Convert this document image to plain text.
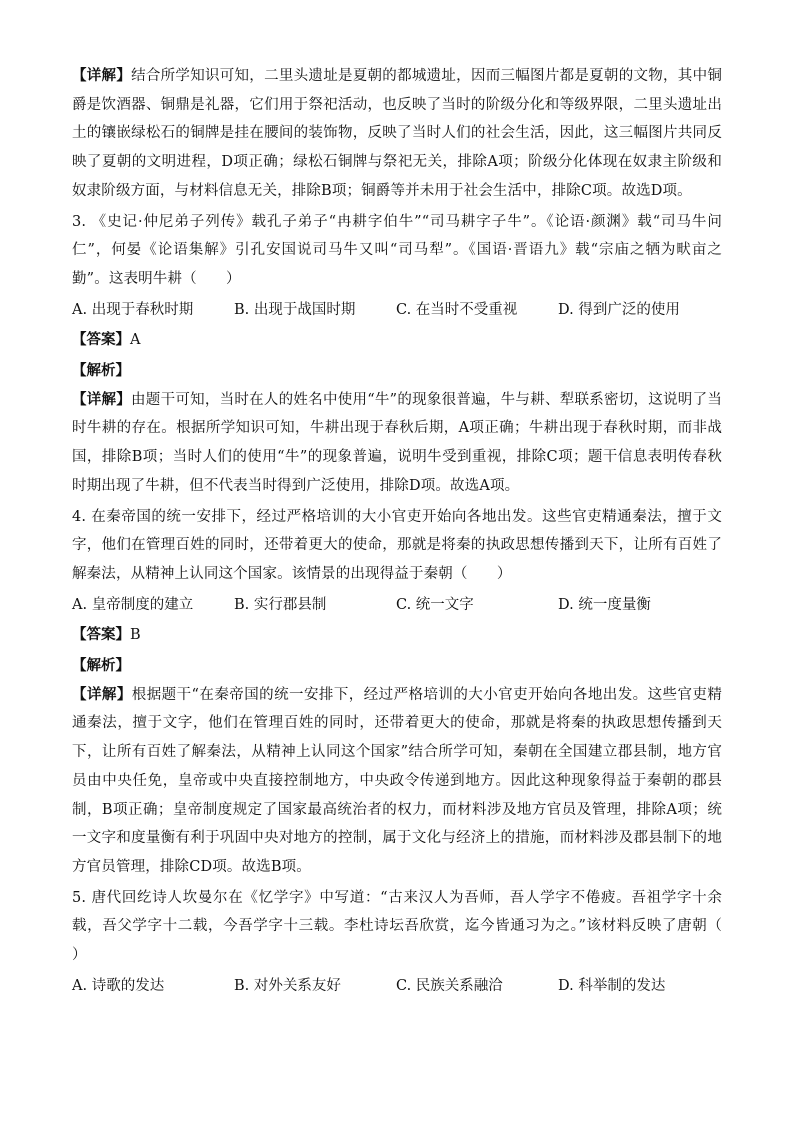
【详解】结合所学知识可知，二里头遗址是夏朝的都城遗址，因而三幅图片都是夏朝的文物，其中铜爵是饮酒器、铜鼎是礼器，它们用于祭祀活动，也反映了当时的阶级分化和等级界限，二里头遗址出土的镶嵌绿松石的铜牌是挂在腰间的装饰物，反映了当时人们的社会生活，因此，这三幅图片共同反映了夏朝的文明进程，D项正确；绿松石铜牌与祭祀无关，排除A项；阶级分化体现在奴隶主阶级和奴隶阶级方面，与材料信息无关，排除B项；铜爵等并未用于社会生活中，排除C项。故选D项。

3. 《史记·仲尼弟子列传》载孔子弟子“冉耕字伯牛”“司马耕字子牛”。《论语·颜渊》载“司马牛问仁”，何晏《论语集解》引孔安国说司马牛又叫“司马犁”。《国语·晋语九》载“宗庙之牺为畎亩之勤”。这表明牛耕（　　）

A. 出现于春秋时期	B. 出现于战国时期	C. 在当时不受重视	D. 得到广泛的使用

【答案】A

【解析】

【详解】由题干可知，当时在人的姓名中使用“牛”的现象很普遍，牛与耕、犁联系密切，这说明了当时牛耕的存在。根据所学知识可知，牛耕出现于春秋后期，A项正确；牛耕出现于春秋时期，而非战国，排除B项；当时人们的使用“牛”的现象普遍，说明牛受到重视，排除C项；题干信息表明传春秋时期出现了牛耕，但不代表当时得到广泛使用，排除D项。故选A项。

4. 在秦帝国的统一安排下，经过严格培训的大小官吏开始向各地出发。这些官吏精通秦法，擅于文字，他们在管理百姓的同时，还带着更大的使命，那就是将秦的执政思想传播到天下，让所有百姓了解秦法，从精神上认同这个国家。该情景的出现得益于秦朝（　　）

A. 皇帝制度的建立	B. 实行郡县制	C. 统一文字	D. 统一度量衡

【答案】B

【解析】

【详解】根据题干“在秦帝国的统一安排下，经过严格培训的大小官吏开始向各地出发。这些官吏精通秦法，擅于文字，他们在管理百姓的同时，还带着更大的使命，那就是将秦的执政思想传播到天下，让所有百姓了解秦法，从精神上认同这个国家”结合所学可知，秦朝在全国建立郡县制，地方官员由中央任免，皇帝或中央直接控制地方，中央政令传递到地方。因此这种现象得益于秦朝的郡县制，B项正确；皇帝制度规定了国家最高统治者的权力，而材料涉及地方官员及管理，排除A项；统一文字和度量衡有利于巩固中央对地方的控制，属于文化与经济上的措施，而材料涉及郡县制下的地方官员管理，排除CD项。故选B项。

5. 唐代回纥诗人坎曼尔在《忆学字》中写道：“古来汉人为吾师，吾人学字不倦疲。吾祖学字十余载，吾父学字十二载，今吾学字十三载。李杜诗坛吾欣赏，迄今皆通习为之。”该材料反映了唐朝（　　）

A. 诗歌的发达	B. 对外关系友好	C. 民族关系融洽	D. 科举制的发达
